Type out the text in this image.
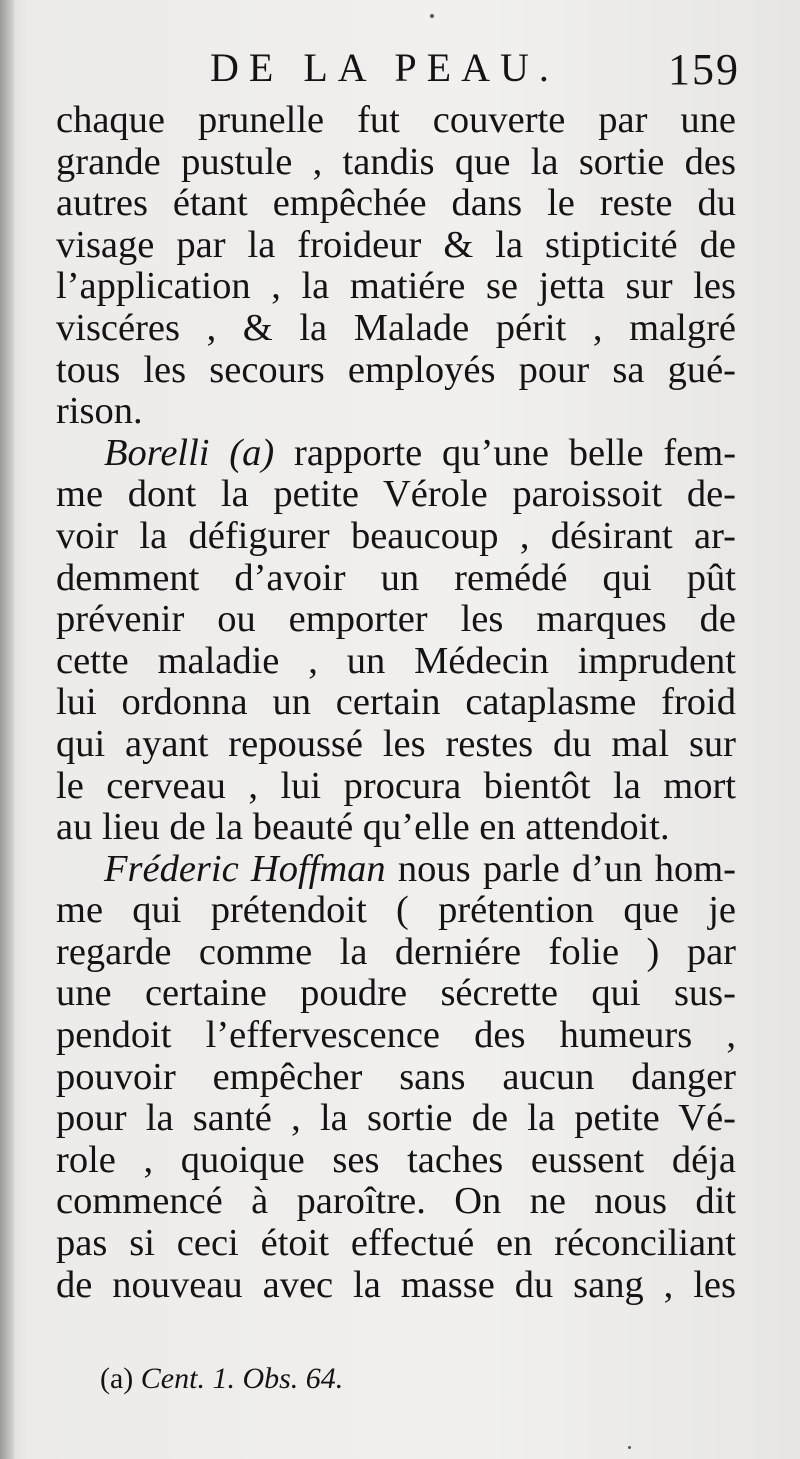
DE LA PEAU. 159
chaque prunelle fut couverte par une
grande pustule , tandis que la sortie des
autres étant empêchée dans le reste du
visage par la froideur & la stipticité de
l’application , la matiére se jetta sur les
viscéres , & la Malade périt , malgré
tous les secours employés pour sa gué-
rison.
Borelli (a) rapporte qu’une belle fem-
me dont la petite Vérole paroissoit de-
voir la défigurer beaucoup , désirant ar-
demment d’avoir un remédé qui pût
prévenir ou emporter les marques de
cette maladie , un Médecin imprudent
lui ordonna un certain cataplasme froid
qui ayant repoussé les restes du mal sur
le cerveau , lui procura bientôt la mort
au lieu de la beauté qu’elle en attendoit.
Fréderic Hoffman nous parle d’un hom-
me qui prétendoit ( prétention que je
regarde comme la derniére folie ) par
une certaine poudre sécrette qui sus-
pendoit l’effervescence des humeurs ,
pouvoir empêcher sans aucun danger
pour la santé , la sortie de la petite Vé-
role , quoique ses taches eussent déja
commencé à paroître. On ne nous dit
pas si ceci étoit effectué en réconciliant
de nouveau avec la masse du sang , les
(a) Cent. 1. Obs. 64.
